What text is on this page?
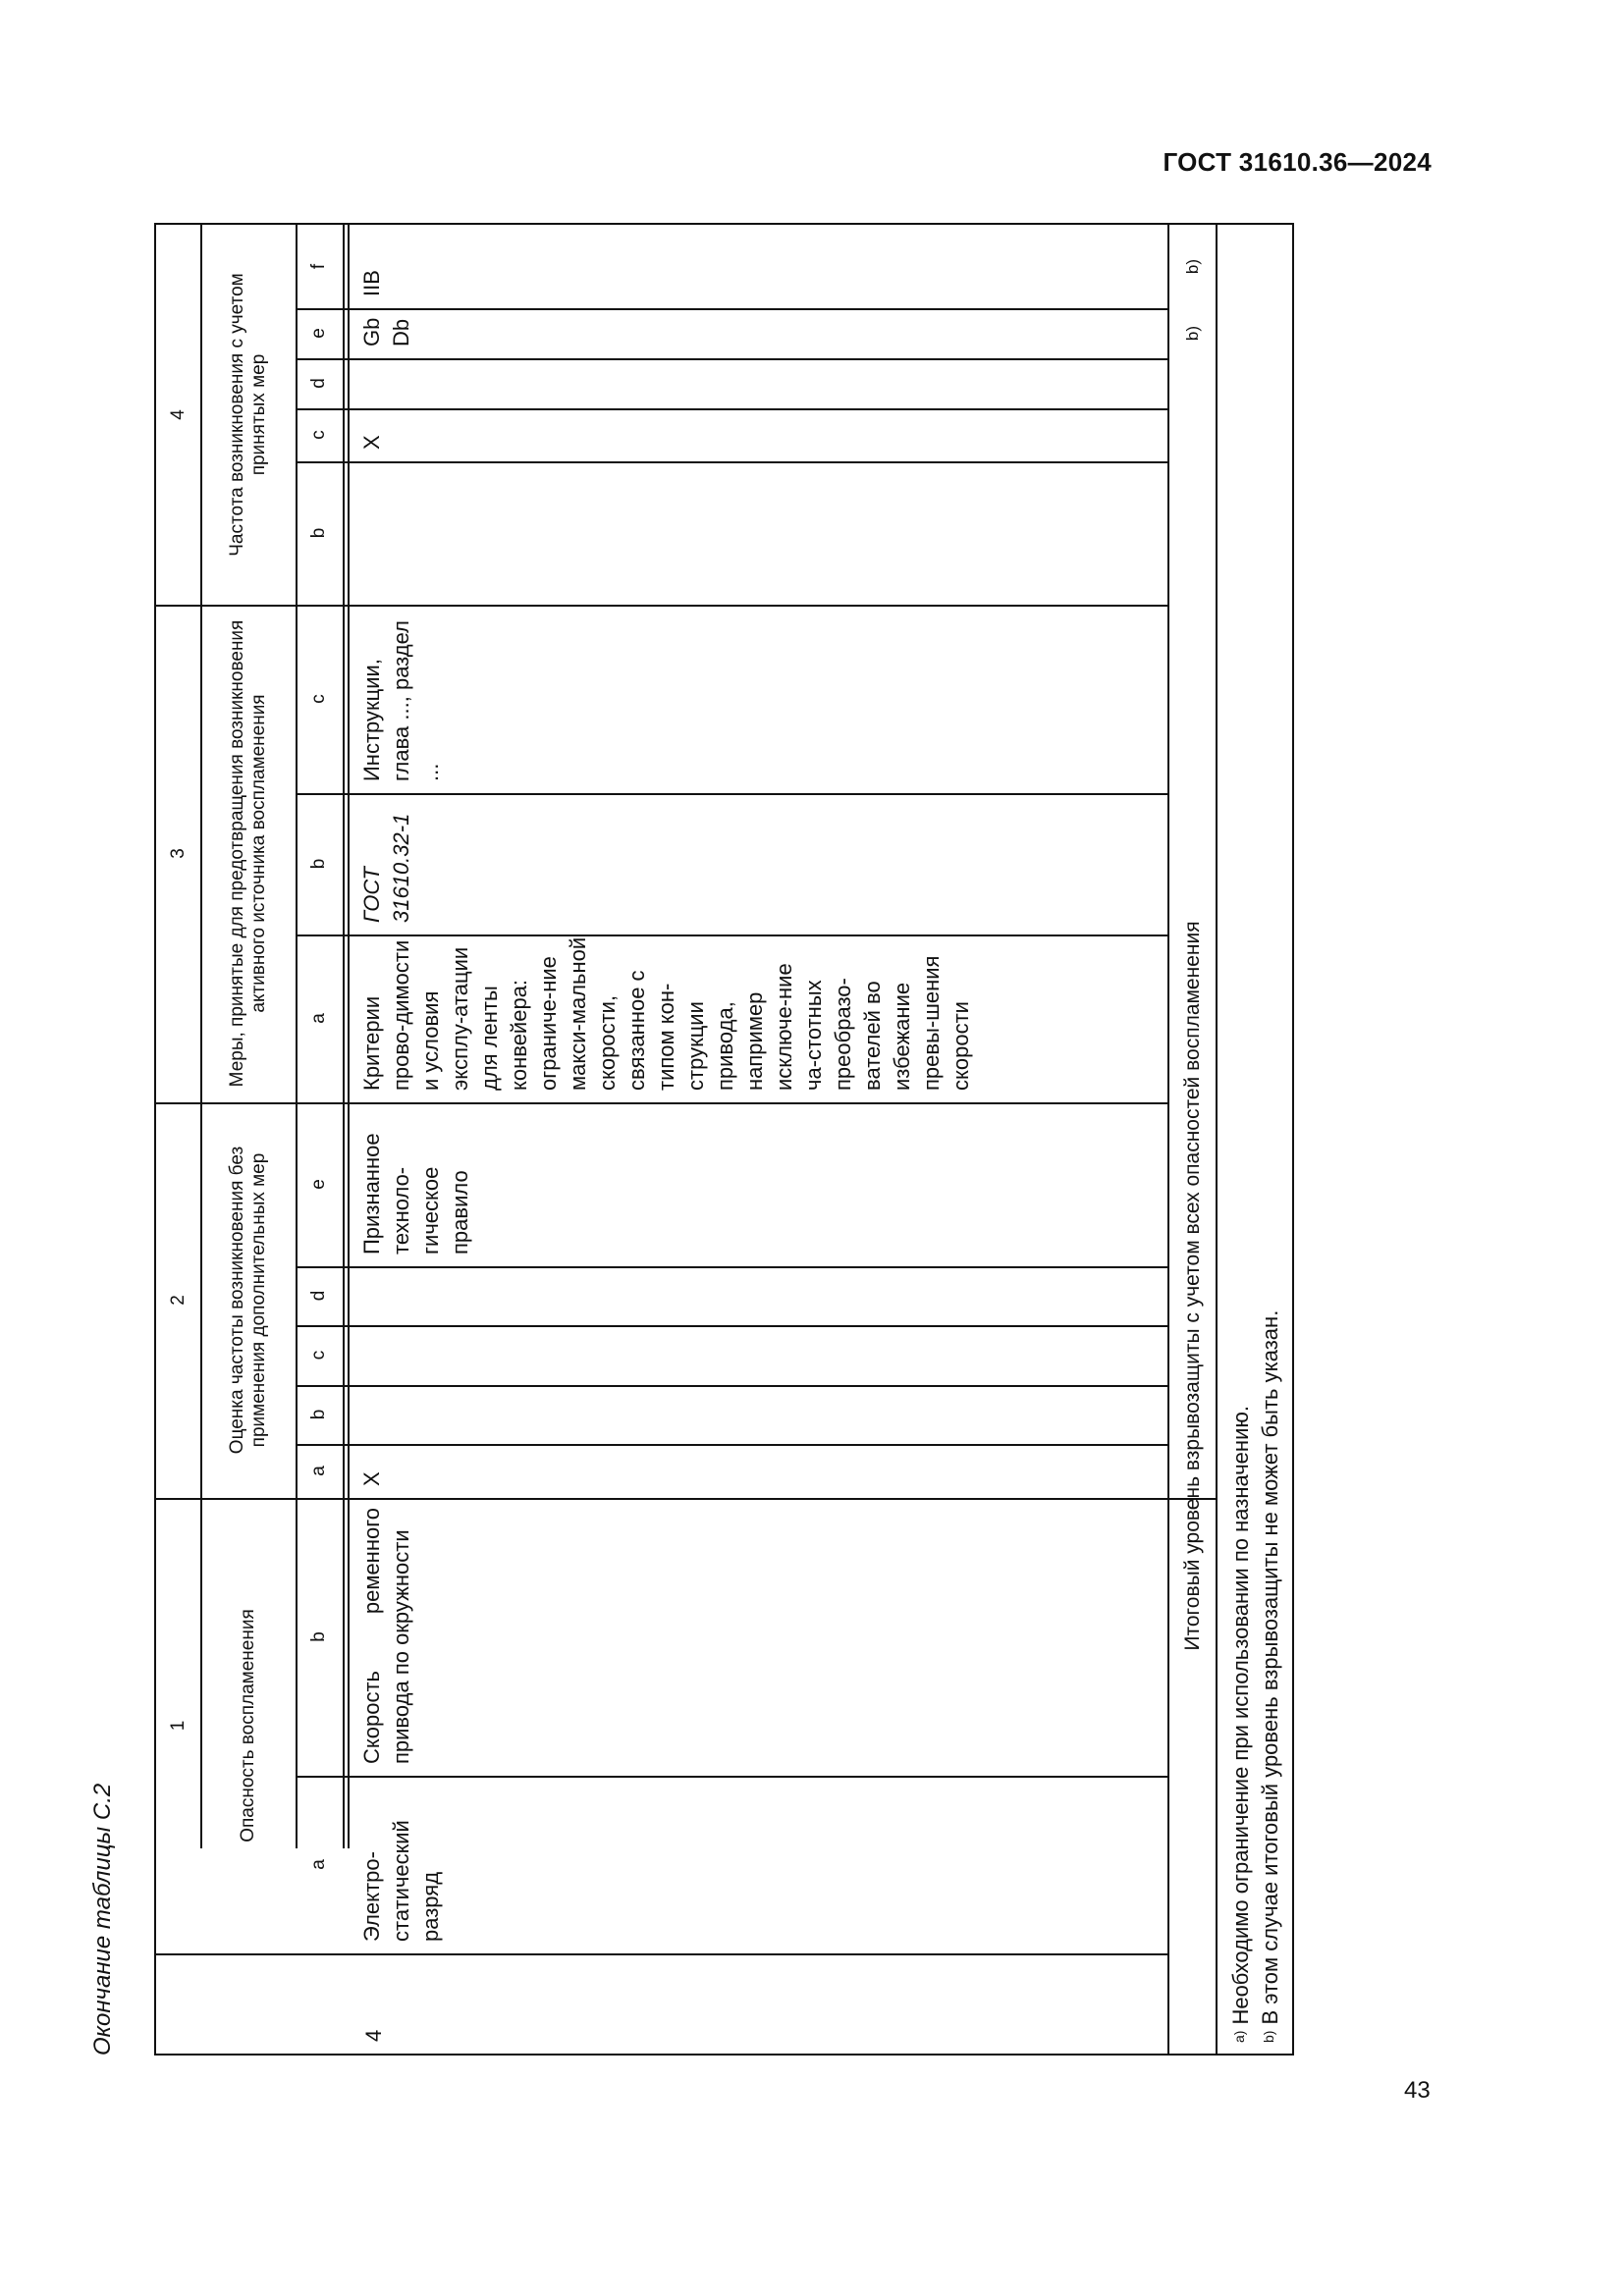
ГОСТ 31610.36—2024
Окончание таблицы С.2
4
3
2
1
Частота возникновения с учетом принятых мер
Меры, принятые для предотвращения возникновения активного источника воспламенения
Оценка частоты возникновения без применения дополнительных мер
Опасность воспламенения
f
e
d
c
b
c
b
a
e
d
c
b
a
b
a
IIB
Gb Db
X
Инструкции, глава ..., раздел ...
ГОСТ 31610.32-1
Критерии прово-димости и условия эксплу-атации для ленты конвейера: ограниче-ние макси-мальной скорости, связанное с типом кон-струкции привода, например исключе-ние ча-стотных преобразо-вателей во избежание превы-шения скорости
Признанное техноло-гическое правило
X
Скорость ременного привода по окружности
Электро-статический разряд
4
Итоговый уровень взрывозащиты с учетом всех опасностей воспламенения
b)
b)
$^{a)}$Необходимо ограничение при использовании по назначению.
$^{b)}$В этом случае итоговый уровень взрывозащиты не может быть указан.
43
